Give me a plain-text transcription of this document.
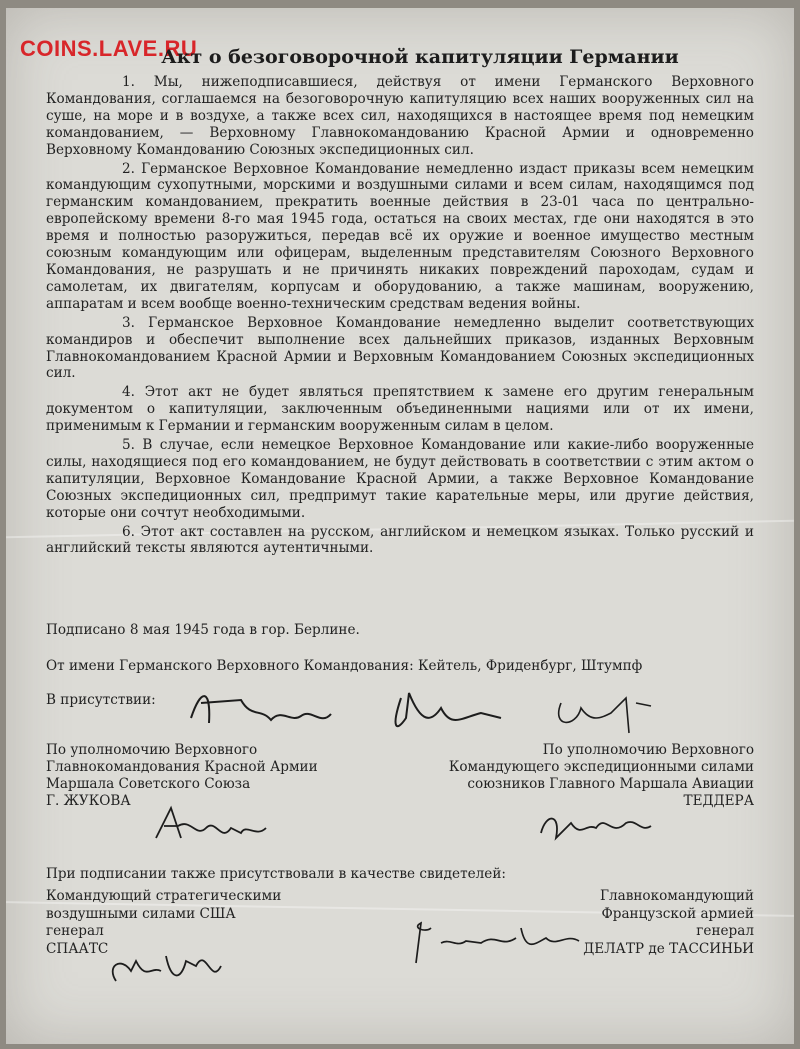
COINS.LAVE.RU
Акт о безоговорочной капитуляции Германии

1. Мы, нижеподписавшиеся, действуя от имени Германского Верховного Командования, соглашаемся на безоговорочную капитуляцию всех наших вооруженных сил на суше, на море и в воздухе, а также всех сил, находящихся в настоящее время под немецким командованием, — Верховному Главнокомандованию Красной Армии и одновременно Верховному Командованию Союзных экспедиционных сил.

2. Германское Верховное Командование немедленно издаст приказы всем немецким командующим сухопутными, морскими и воздушными силами и всем силам, находящимся под германским командованием, прекратить военные действия в 23-01 часа по центрально-европейскому времени 8-го мая 1945 года, остаться на своих местах, где они находятся в это время и полностью разоружиться, передав всё их оружие и военное имущество местным союзным командующим или офицерам, выделенным представителям Союзного Верховного Командования, не разрушать и не причинять никаких повреждений пароходам, судам и самолетам, их двигателям, корпусам и оборудованию, а также машинам, вооружению, аппаратам и всем вообще военно-техническим средствам ведения войны.

3. Германское Верховное Командование немедленно выделит соответствующих командиров и обеспечит выполнение всех дальнейших приказов, изданных Верховным Главнокомандованием Красной Армии и Верховным Командованием Союзных экспедиционных сил.

4. Этот акт не будет являться препятствием к замене его другим генеральным документом о капитуляции, заключенным объединенными нациями или от их имени, применимым к Германии и германским вооруженным силам в целом.

5. В случае, если немецкое Верховное Командование или какие-либо вооруженные силы, находящиеся под его командованием, не будут действовать в соответствии с этим актом о капитуляции, Верховное Командование Красной Армии, а также Верховное Командование Союзных экспедиционных сил, предпримут такие карательные меры, или другие действия, которые они сочтут необходимыми.

6. Этот акт составлен на русском, английском и немецком языках. Только русский и английский тексты являются аутентичными.

Подписано 8 мая 1945 года в гор. Берлине.
От имени Германского Верховного Командования: Кейтель, Фриденбург, Штумпф
В присутствии:
По уполномочию Верховного
Главнокомандования Красной Армии
Маршала Советского Союза
Г. ЖУКОВА
По уполномочию Верховного
Командующего экспедиционными силами
союзников Главного Маршала Авиации
ТЕДДЕРА
При подписании также присутствовали в качестве свидетелей:
Командующий стратегическими
воздушными силами США
генерал
СПААТС
Главнокомандующий
Французской армией
генерал
ДЕЛАТР де ТАССИНЬИ
